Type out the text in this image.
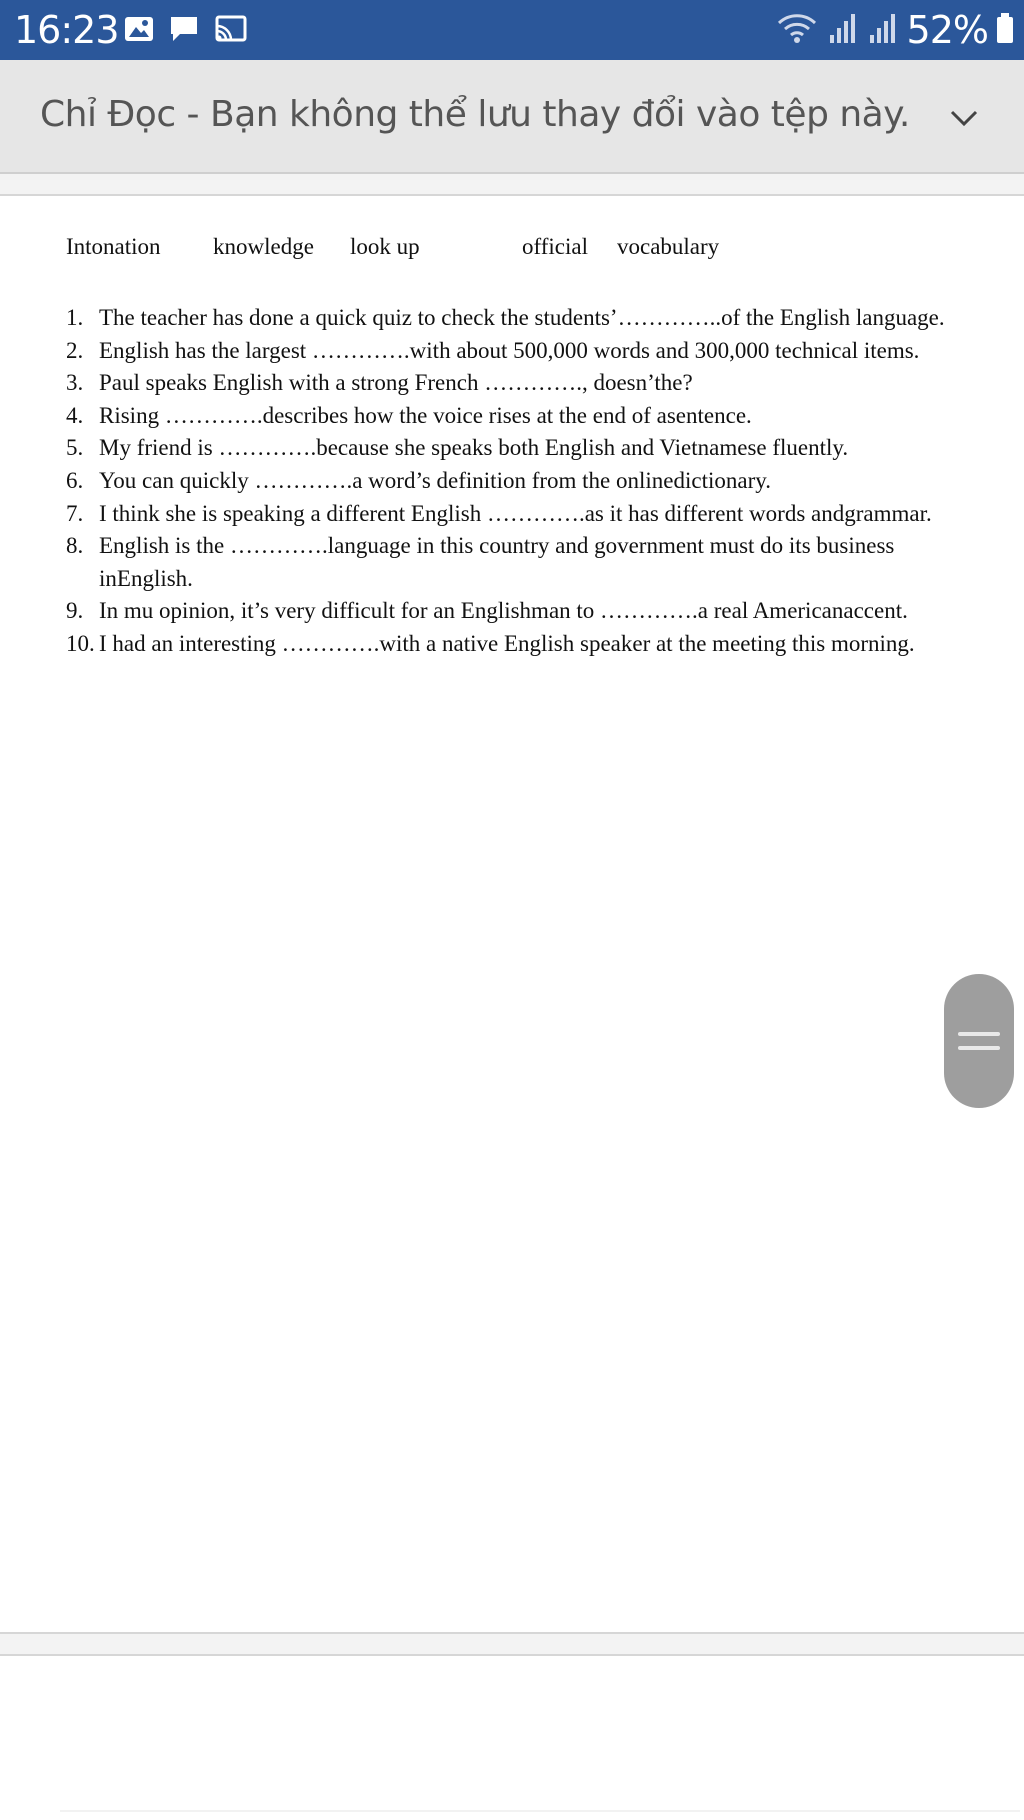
16:23	52%
Chỉ Đọc - Bạn không thể lưu thay đổi vào tệp này.
Intonation knowledge look up	official vocabulary
1. The teacher has done a quick quiz to check the students’…………..of the English language.
2. English has the largest ………….with about 500,000 words and 300,000 technical items.
3. Paul speaks English with a strong French …………., doesn’the?
4. Rising ………….describes how the voice rises at the end of asentence.
5. My friend is ………….because she speaks both English and Vietnamese fluently.
6. You can quickly ………….a word’s definition from the onlinedictionary.
7. I think she is speaking a different English ………….as it has different words andgrammar.
8. English is the ………….language in this country and government must do its business inEnglish.
9. In mu opinion, it’s very difficult for an Englishman to ………….a real Americanaccent.
10. I had an interesting ………….with a native English speaker at the meeting this morning.
